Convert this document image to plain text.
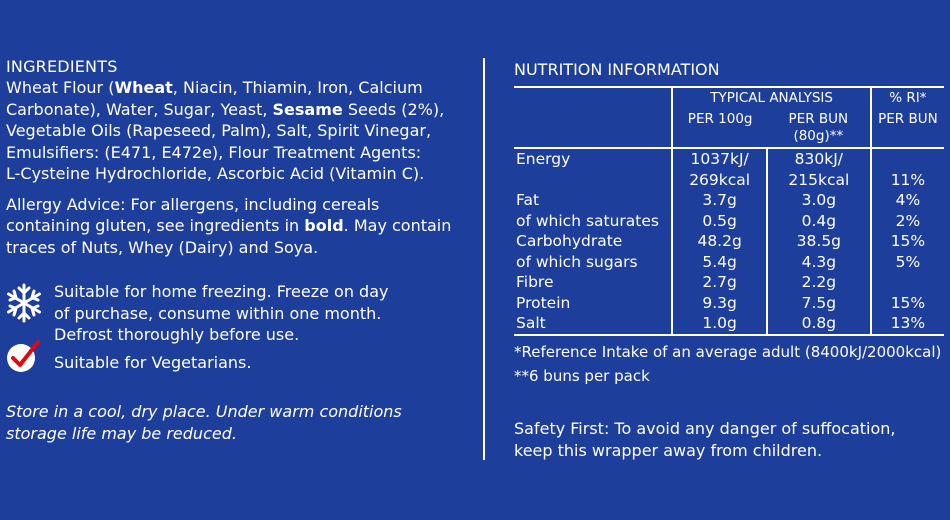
INGREDIENTS
Wheat Flour (Wheat, Niacin, Thiamin, Iron, Calcium
Carbonate), Water, Sugar, Yeast, Sesame Seeds (2%),
Vegetable Oils (Rapeseed, Palm), Salt, Spirit Vinegar,
Emulsifiers: (E471, E472e), Flour Treatment Agents:
L-Cysteine Hydrochloride, Ascorbic Acid (Vitamin C).
Allergy Advice: For allergens, including cereals
containing gluten, see ingredients in bold. May contain
traces of Nuts, Whey (Dairy) and Soya.
Suitable for home freezing. Freeze on day
of purchase, consume within one month.
Defrost thoroughly before use.
Suitable for Vegetarians.
Store in a cool, dry place. Under warm conditions
storage life may be reduced.
NUTRITION INFORMATION
	TYPICAL ANALYSIS		% RI*
	PER 100g	PER BUN (80g)**	PER BUN
Energy	1037kJ/	830kJ/	
	269kcal	215kcal	11%
Fat	3.7g	3.0g	4%
of which saturates	0.5g	0.4g	2%
Carbohydrate	48.2g	38.5g	15%
of which sugars	5.4g	4.3g	5%
Fibre	2.7g	2.2g	
Protein	9.3g	7.5g	15%
Salt	1.0g	0.8g	13%
*Reference Intake of an average adult (8400kJ/2000kcal)
**6 buns per pack
Safety First: To avoid any danger of suffocation,
keep this wrapper away from children.
